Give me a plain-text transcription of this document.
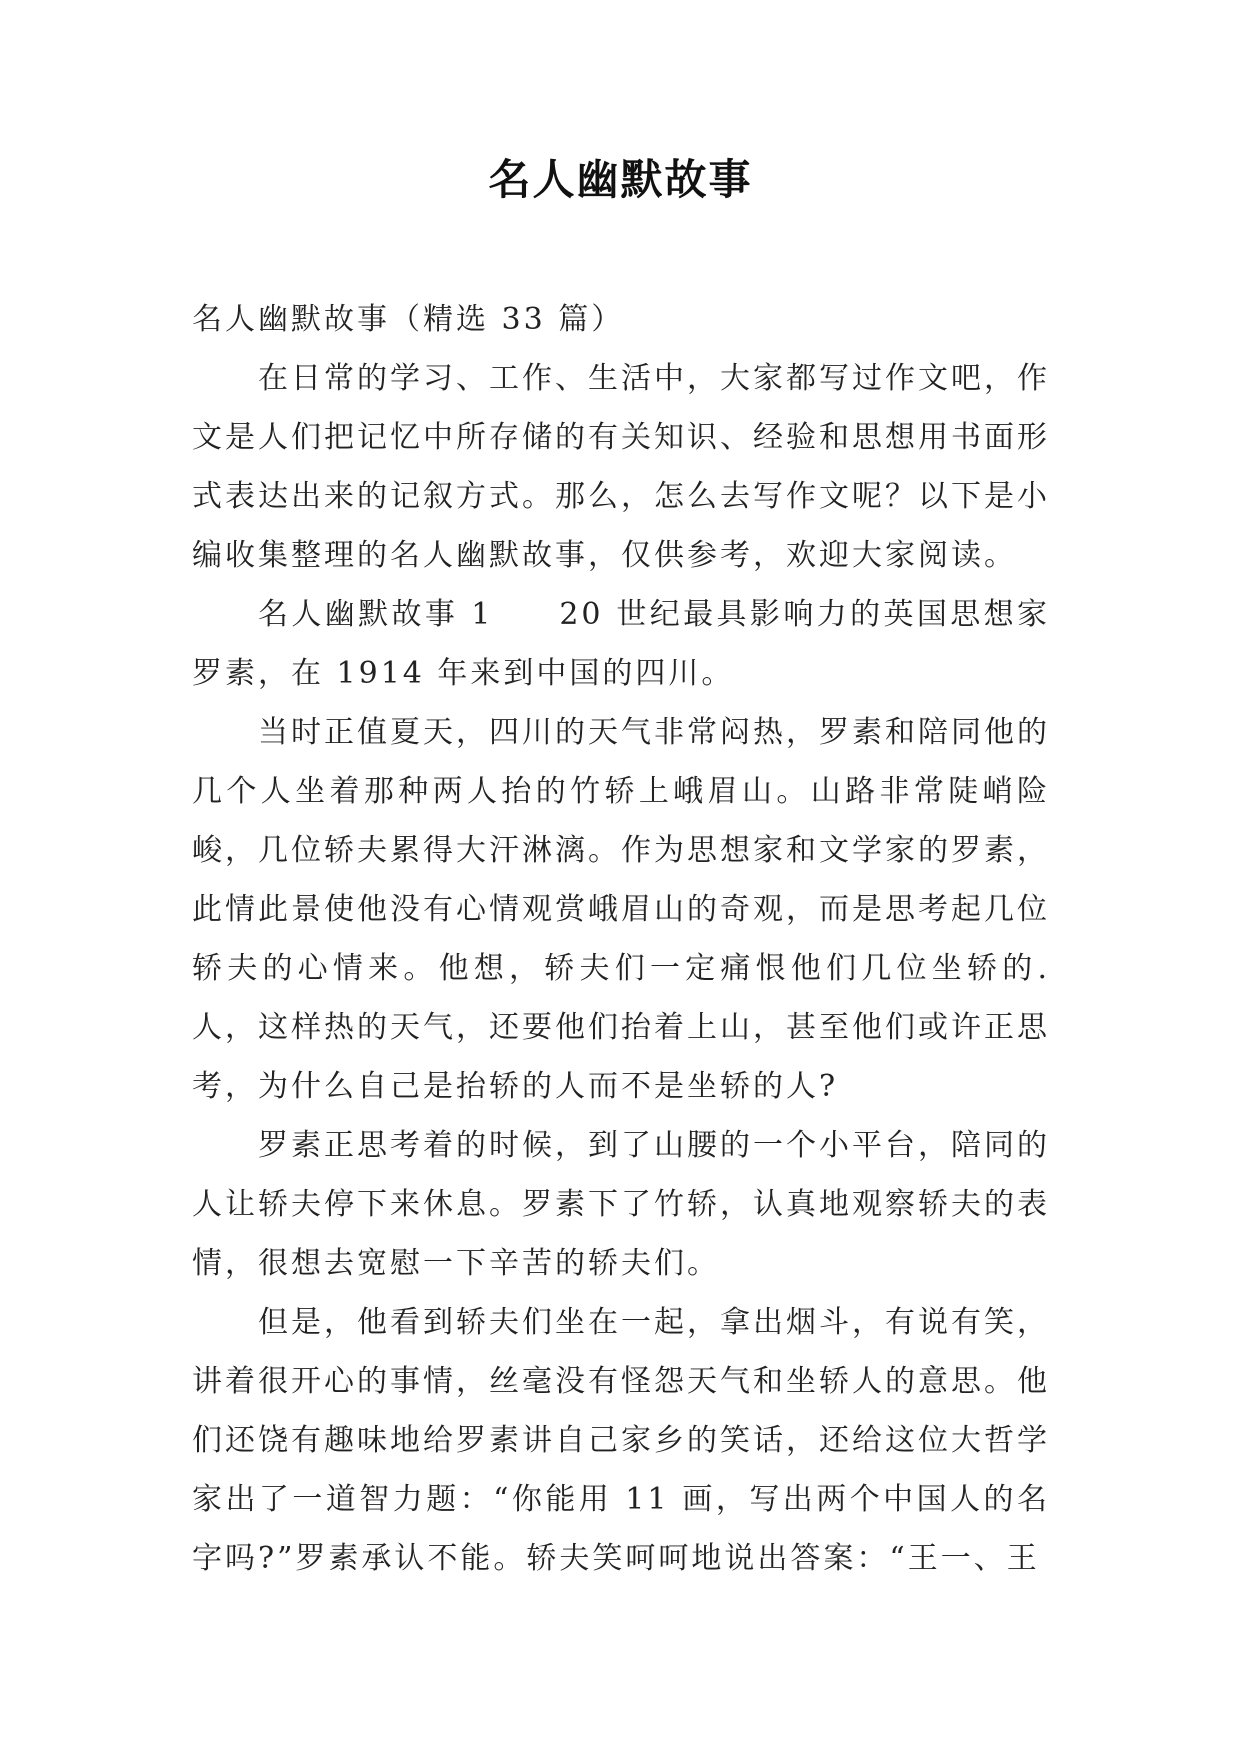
名人幽默故事

名人幽默故事（精选 33 篇）

在日常的学习、工作、生活中，大家都写过作文吧，作文是人们把记忆中所存储的有关知识、经验和思想用书面形式表达出来的记叙方式。那么，怎么去写作文呢？以下是小编收集整理的名人幽默故事，仅供参考，欢迎大家阅读。

名人幽默故事 1 20 世纪最具影响力的英国思想家罗素，在 1914 年来到中国的四川。

当时正值夏天，四川的天气非常闷热，罗素和陪同他的几个人坐着那种两人抬的竹轿上峨眉山。山路非常陡峭险峻，几位轿夫累得大汗淋漓。作为思想家和文学家的罗素，此情此景使他没有心情观赏峨眉山的奇观，而是思考起几位轿夫的心情来。他想，轿夫们一定痛恨他们几位坐轿的.人，这样热的天气，还要他们抬着上山，甚至他们或许正思考，为什么自己是抬轿的人而不是坐轿的人?

罗素正思考着的时候，到了山腰的一个小平台，陪同的人让轿夫停下来休息。罗素下了竹轿，认真地观察轿夫的表情，很想去宽慰一下辛苦的轿夫们。

但是，他看到轿夫们坐在一起，拿出烟斗，有说有笑，讲着很开心的事情，丝毫没有怪怨天气和坐轿人的意思。他们还饶有趣味地给罗素讲自己家乡的笑话，还给这位大哲学家出了一道智力题：“你能用 11 画，写出两个中国人的名字吗?”罗素承认不能。轿夫笑呵呵地说出答案：“王一、王
